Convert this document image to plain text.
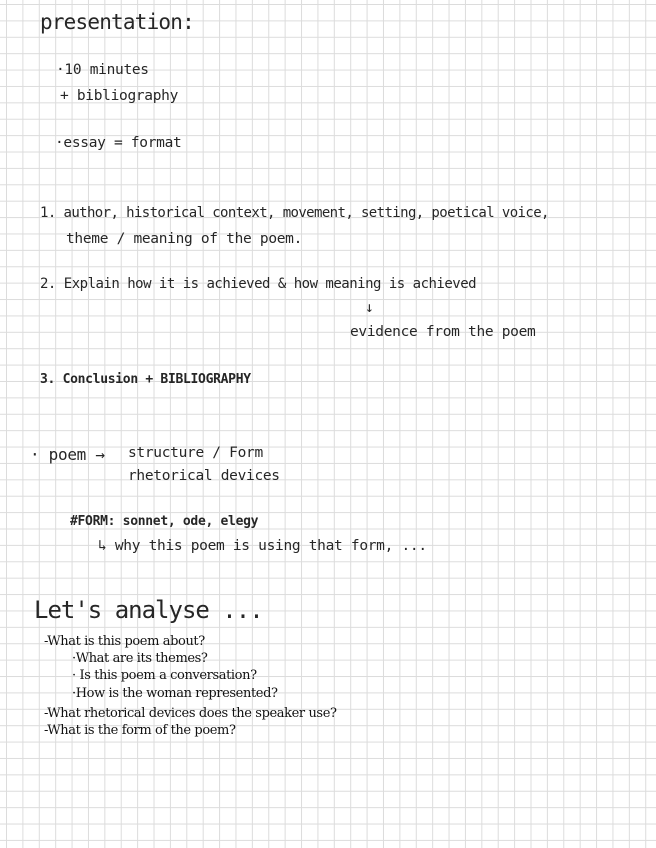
presentation:
·10 minutes
+ bibliography
·essay = format
1. author, historical context, movement, setting, poetical voice,
theme / meaning of the poem.
2. Explain how it is achieved & how meaning is achieved
↓
evidence from the poem
3. Conclusion + BIBLIOGRAPHY
· poem → structure / Form
rhetorical devices
#FORM: sonnet, ode, elegy
↳ why this poem is using that form, ...
Let's analyse ...
-What is this poem about?
·What are its themes?
· Is this poem a conversation?
·How is the woman represented?
-What rhetorical devices does the speaker use?
-What is the form of the poem?
